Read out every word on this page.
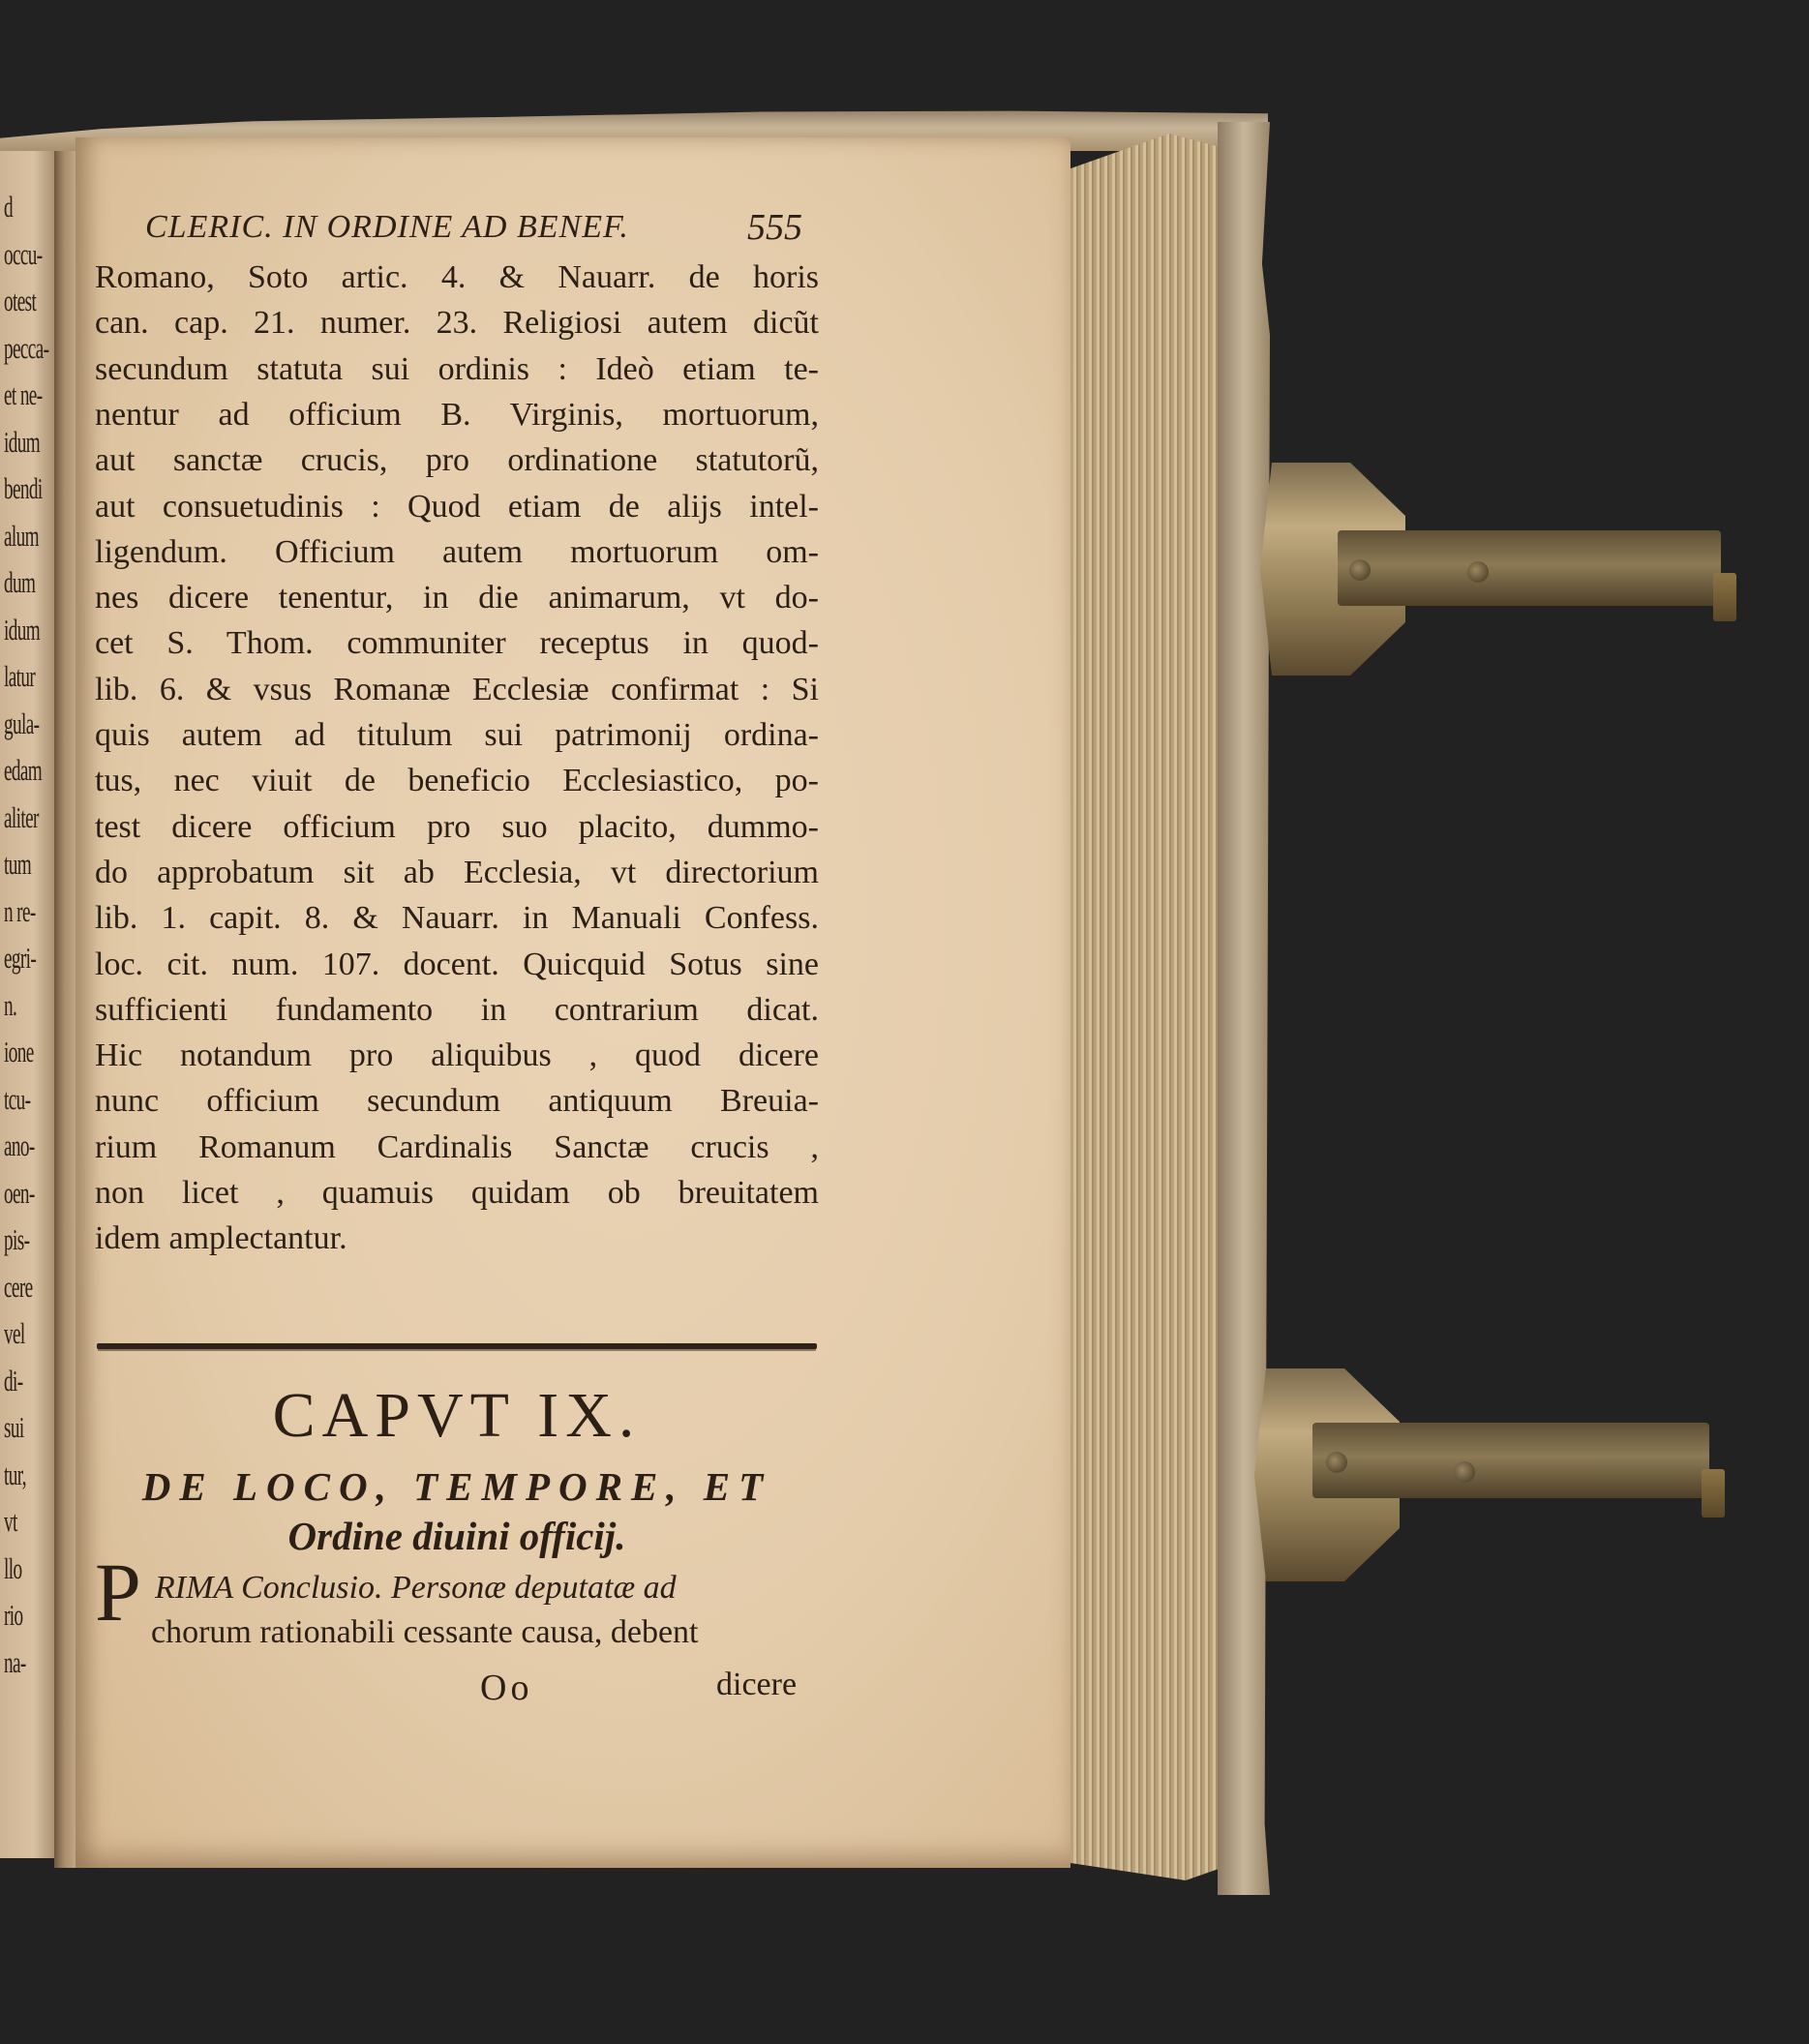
d
occu-
otest
pecca-
et ne-
idum
bendi
alum
dum
idum
latur
gula-
edam
aliter
tum
n re-
egri-
n.
ione
tcu-
ano-
oen-
pis-
cere
vel
di-
sui
tur,
vt
llo
rio
na-
CLERIC. IN ORDINE AD BENEF.	555
Romano, Soto artic. 4. & Nauarr. de horis
can. cap. 21. numer. 23. Religiosi autem dicũt
secundum statuta sui ordinis : Ideò etiam te-
nentur ad officium B. Virginis, mortuorum,
aut sanctæ crucis, pro ordinatione statutorũ,
aut consuetudinis : Quod etiam de alijs intel-
ligendum. Officium autem mortuorum om-
nes dicere tenentur, in die animarum, vt do-
cet S. Thom. communiter receptus in quod-
lib. 6. & vsus Romanæ Ecclesiæ confirmat : Si
quis autem ad titulum sui patrimonij ordina-
tus, nec viuit de beneficio Ecclesiastico, po-
test dicere officium pro suo placito, dummo-
do approbatum sit ab Ecclesia, vt directorium
lib. 1. capit. 8. & Nauarr. in Manuali Confess.
loc. cit. num. 107. docent. Quicquid Sotus sine
sufficienti fundamento in contrarium dicat.
Hic notandum pro aliquibus , quod dicere
nunc officium secundum antiquum Breuia-
rium Romanum Cardinalis Sanctæ crucis ,
non licet , quamuis quidam ob breuitatem
idem amplectantur.
CAPVT IX.
DE LOCO, TEMPORE, ET
Ordine diuini officij.
P RIMA Conclusio. Personæ deputatæ ad
chorum rationabili cessante causa, debent
Oo	dicere
